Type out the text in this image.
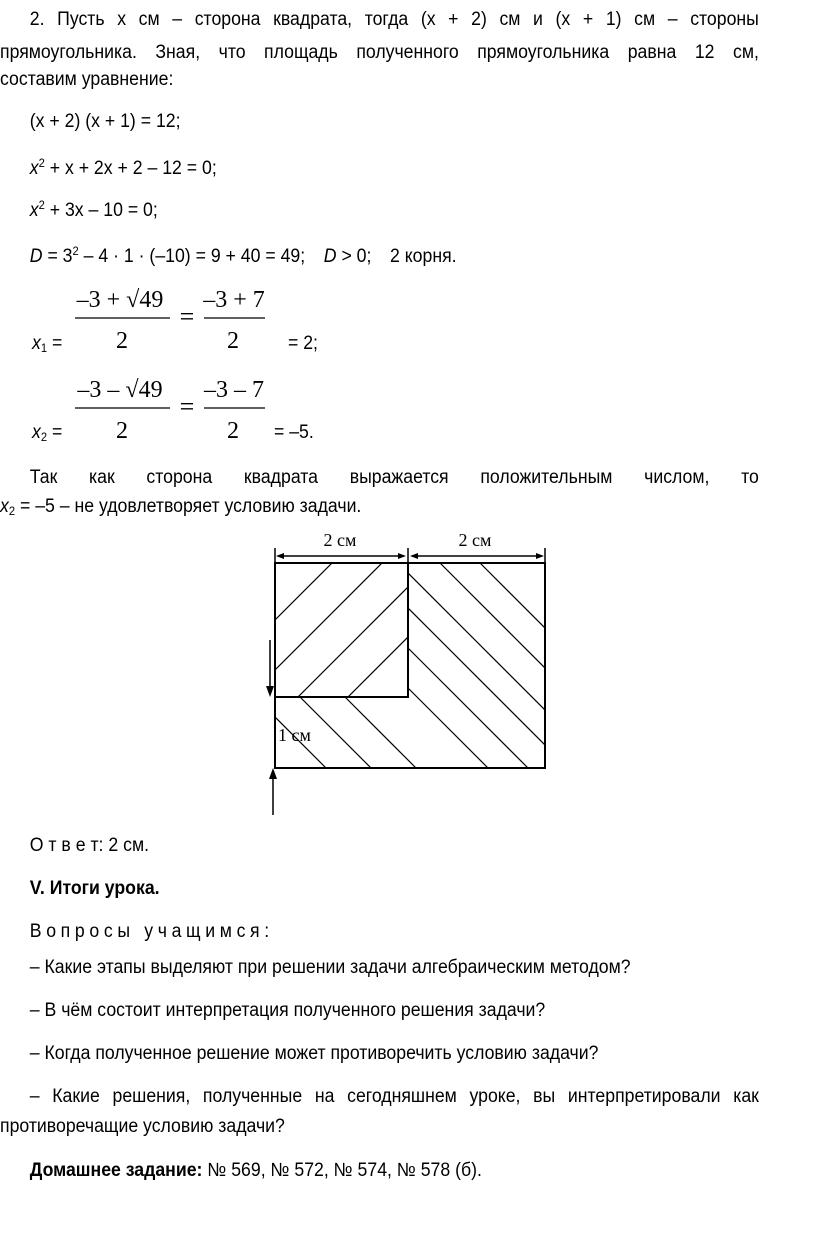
2. Пусть x см – сторона квадрата, тогда (x + 2) см и (x + 1) см – стороны
прямоугольника. Зная, что площадь полученного прямоугольника равна 12 см,
составим уравнение:
(x + 2) (x + 1) = 12;
$x^2 + x + 2x + 2 - 12 = 0$;
$x^2 + 3x - 10 = 0$;
$D = 3^2 - 4 \cdot 1 \cdot (-10) = 9 + 40 = 49$; D > 0; 2 корня.
$x_1$ =
–3 + √49
2
=
–3 + 7
2	= 2;
$x_2$ =
–3 – √49
2
=
–3 – 7
2 = –5.
Так как сторона квадрата выражается положительным числом, то
$x_2 = -5$ – не удовлетворяет условию задачи.
2 см	2 см
1 см
О т в е т: 2 см.
V. Итоги урока.
Вопросы учащимся:
– Какие этапы выделяют при решении задачи алгебраическим методом?
– В чём состоит интерпретация полученного решения задачи?
– Когда полученное решение может противоречить условию задачи?
– Какие решения, полученные на сегодняшнем уроке, вы интерпретировали как
противоречащие условию задачи?
Домашнее задание: № 569, № 572, № 574, № 578 (б).
